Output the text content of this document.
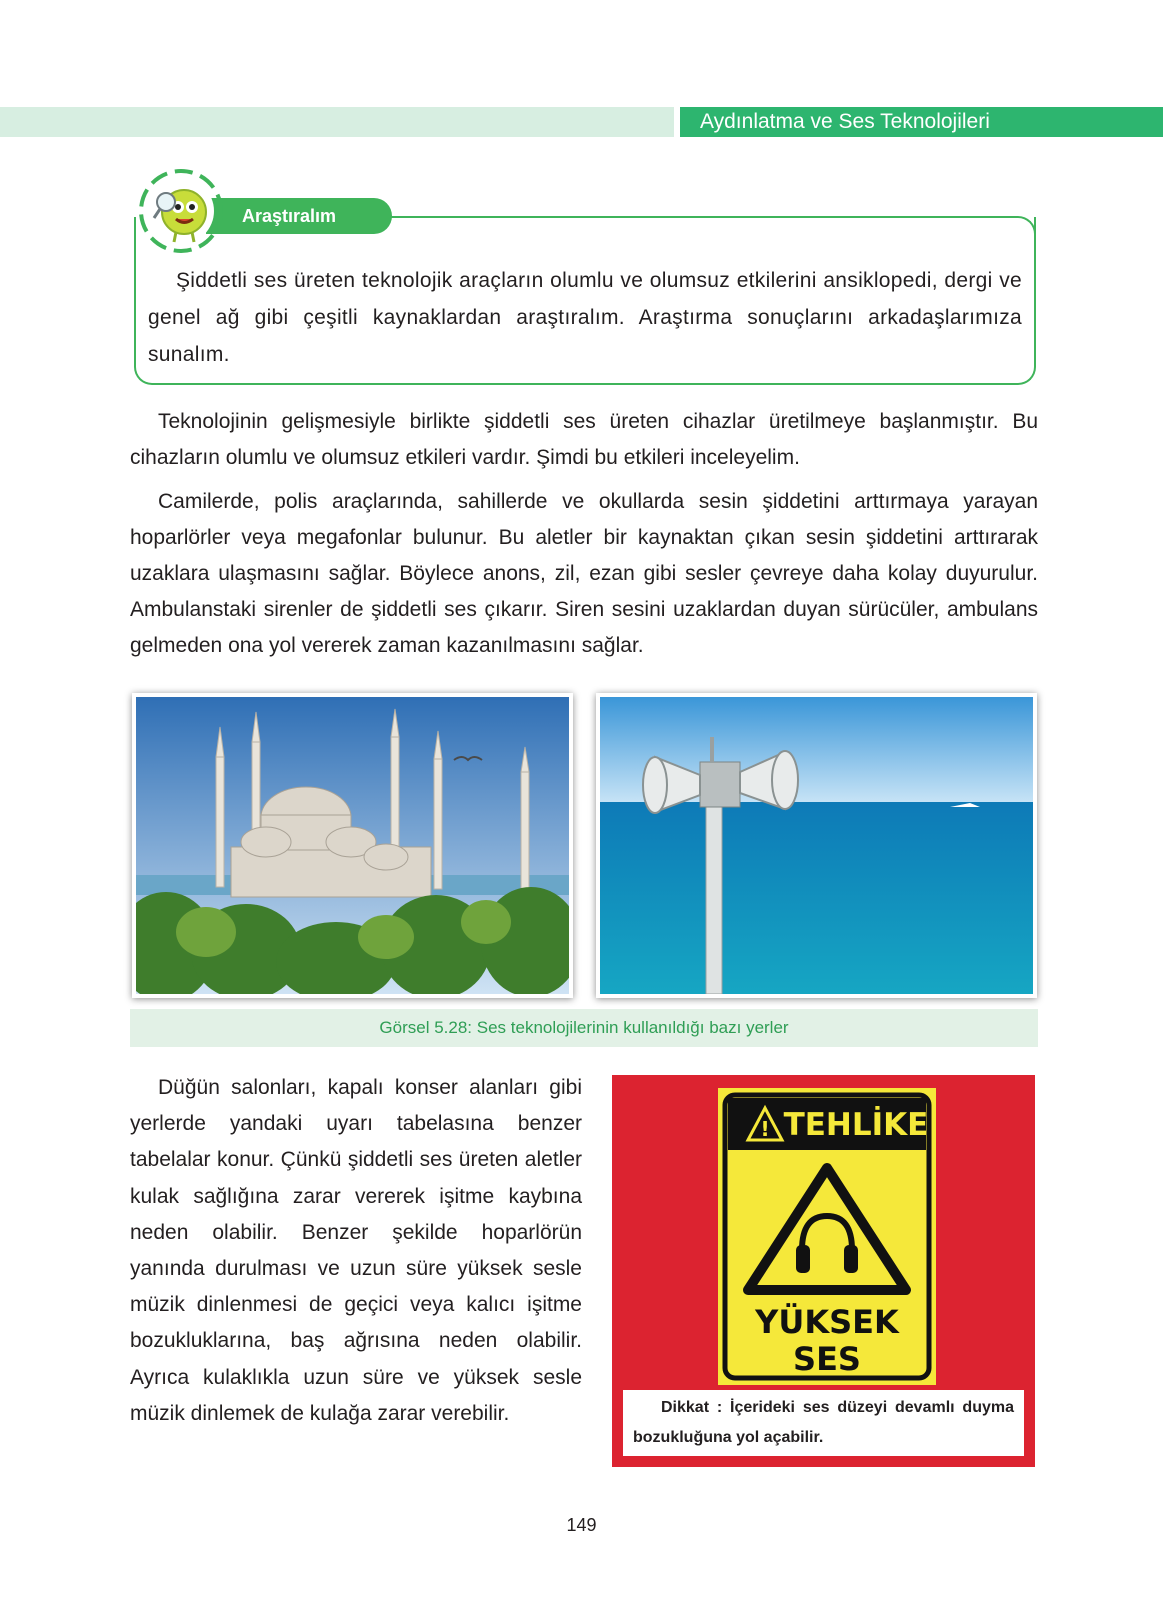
Aydınlatma ve Ses Teknolojileri
Araştıralım
Şiddetli ses üreten teknolojik araçların olumlu ve olumsuz etkilerini ansiklopedi, dergi ve genel ağ gibi çeşitli kaynaklardan araştıralım. Araştırma sonuçlarını arkadaşlarımıza sunalım.
Teknolojinin gelişmesiyle birlikte şiddetli ses üreten cihazlar üretilmeye başlanmıştır. Bu cihazların olumlu ve olumsuz etkileri vardır. Şimdi bu etkileri inceleyelim.
Camilerde, polis araçlarında, sahillerde ve okullarda sesin şiddetini arttırmaya yarayan hoparlörler veya megafonlar bulunur. Bu aletler bir kaynaktan çıkan sesin şiddetini arttırarak uzaklara ulaşmasını sağlar. Böylece anons, zil, ezan gibi sesler çevreye daha kolay duyurulur. Ambulanstaki sirenler de şiddetli ses çıkarır. Siren sesini uzaklardan duyan sürücüler, ambulans gelmeden ona yol vererek zaman kazanılmasını sağlar.
Görsel 5.28: Ses teknolojilerinin kullanıldığı bazı yerler
Düğün salonları, kapalı konser alanları gibi yerlerde yandaki uyarı tabelasına benzer tabelalar konur. Çünkü şiddetli ses üreten aletler kulak sağlığına zarar vererek işitme kaybına neden olabilir. Benzer şekilde hoparlörün yanında durulması ve uzun süre yüksek sesle müzik dinlenmesi de geçici veya kalıcı işitme bozukluklarına, baş ağrısına neden olabilir. Ayrıca kulaklıkla uzun süre ve yüksek sesle müzik dinlemek de kulağa zarar verebilir.
! TEHLİKE
YÜKSEK
SES
Dikkat : İçerideki ses düzeyi devamlı duyma bozukluğuna yol açabilir.
149
